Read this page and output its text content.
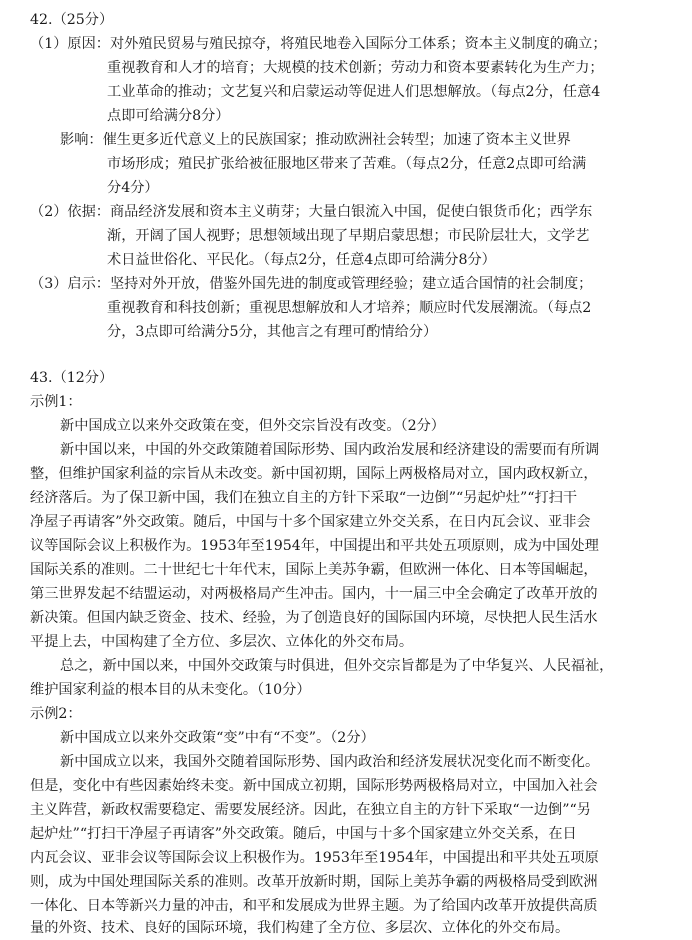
42.（25分）
（1）原因：对外殖民贸易与殖民掠夺，将殖民地卷入国际分工体系；资本主义制度的确立；
重视教育和人才的培育；大规模的技术创新；劳动力和资本要素转化为生产力；
工业革命的推动；文艺复兴和启蒙运动等促进人们思想解放。（每点2分，任意4
点即可给满分8分）
影响：催生更多近代意义上的民族国家；推动欧洲社会转型；加速了资本主义世界
市场形成；殖民扩张给被征服地区带来了苦难。（每点2分，任意2点即可给满
分4分）
（2）依据：商品经济发展和资本主义萌芽；大量白银流入中国，促使白银货币化；西学东
渐，开阔了国人视野；思想领域出现了早期启蒙思想；市民阶层壮大，文学艺
术日益世俗化、平民化。（每点2分，任意4点即可给满分8分）
（3）启示：坚持对外开放，借鉴外国先进的制度或管理经验；建立适合国情的社会制度；
重视教育和科技创新；重视思想解放和人才培养；顺应时代发展潮流。（每点2
分，3点即可给满分5分，其他言之有理可酌情给分）
43.（12分）
示例1：
新中国成立以来外交政策在变，但外交宗旨没有改变。（2分）
新中国以来，中国的外交政策随着国际形势、国内政治发展和经济建设的需要而有所调
整，但维护国家利益的宗旨从未改变。新中国初期，国际上两极格局对立，国内政权新立，
经济落后。为了保卫新中国，我们在独立自主的方针下采取“一边倒”“另起炉灶”“打扫干
净屋子再请客”外交政策。随后，中国与十多个国家建立外交关系，在日内瓦会议、亚非会
议等国际会议上积极作为。1953年至1954年，中国提出和平共处五项原则，成为中国处理
国际关系的准则。二十世纪七十年代末，国际上美苏争霸，但欧洲一体化、日本等国崛起，
第三世界发起不结盟运动，对两极格局产生冲击。国内，十一届三中全会确定了改革开放的
新决策。但国内缺乏资金、技术、经验，为了创造良好的国际国内环境，尽快把人民生活水
平提上去，中国构建了全方位、多层次、立体化的外交布局。
总之，新中国以来，中国外交政策与时俱进，但外交宗旨都是为了中华复兴、人民福祉，
维护国家利益的根本目的从未变化。（10分）
示例2：
新中国成立以来外交政策“变”中有“不变”。（2分）
新中国成立以来，我国外交随着国际形势、国内政治和经济发展状况变化而不断变化。
但是，变化中有些因素始终未变。新中国成立初期，国际形势两极格局对立，中国加入社会
主义阵营，新政权需要稳定、需要发展经济。因此，在独立自主的方针下采取“一边倒”“另
起炉灶”“打扫干净屋子再请客”外交政策。随后，中国与十多个国家建立外交关系，在日
内瓦会议、亚非会议等国际会议上积极作为。1953年至1954年，中国提出和平共处五项原
则，成为中国处理国际关系的准则。改革开放新时期，国际上美苏争霸的两极格局受到欧洲
一体化、日本等新兴力量的冲击，和平和发展成为世界主题。为了给国内改革开放提供高质
量的外资、技术、良好的国际环境，我们构建了全方位、多层次、立体化的外交布局。
